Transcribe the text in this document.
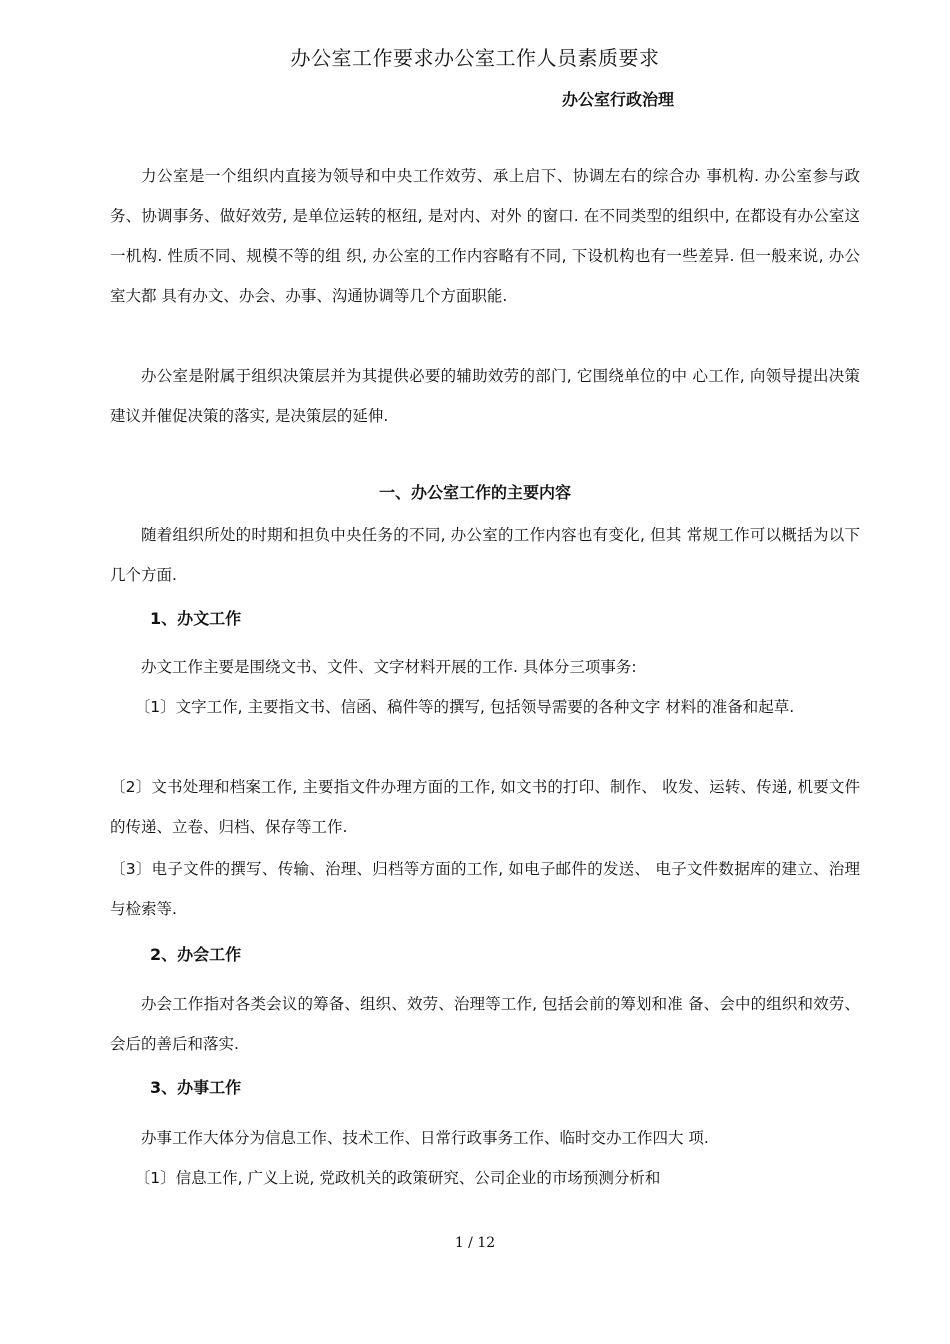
办公室工作要求办公室工作人员素质要求
办公室行政治理

力公室是一个组织内直接为领导和中央工作效劳、承上启下、协调左右的综合办 事机构. 办公室参与政务、协调事务、做好效劳, 是单位运转的枢纽, 是对内、对外 的窗口. 在不同类型的组织中, 在都设有办公室这一机构. 性质不同、规模不等的组 织, 办公室的工作内容略有不同, 下设机构也有一些差异. 但一般来说, 办公室大都 具有办文、办会、办事、沟通协调等几个方面职能.

办公室是附属于组织决策层并为其提供必要的辅助效劳的部门, 它围绕单位的中 心工作, 向领导提出决策建议并催促决策的落实, 是决策层的延伸.

一、办公室工作的主要内容

随着组织所处的时期和担负中央任务的不同, 办公室的工作内容也有变化, 但其 常规工作可以概括为以下几个方面.

1、办文工作

办文工作主要是围绕文书、文件、文字材料开展的工作. 具体分三项事务:

〔1〕文字工作, 主要指文书、信函、稿件等的撰写, 包括领导需要的各种文字 材料的准备和起草.

〔2〕文书处理和档案工作, 主要指文件办理方面的工作, 如文书的打印、制作、 收发、运转、传递, 机要文件的传递、立卷、归档、保存等工作.

〔3〕电子文件的撰写、传输、治理、归档等方面的工作, 如电子邮件的发送、 电子文件数据库的建立、治理与检索等.

2、办会工作

办会工作指对各类会议的筹备、组织、效劳、治理等工作, 包括会前的筹划和准 备、会中的组织和效劳、会后的善后和落实.

3、办事工作

办事工作大体分为信息工作、技术工作、日常行政事务工作、临时交办工作四大 项.

〔1〕信息工作, 广义上说, 党政机关的政策研究、公司企业的市场预测分析和

1 / 12
